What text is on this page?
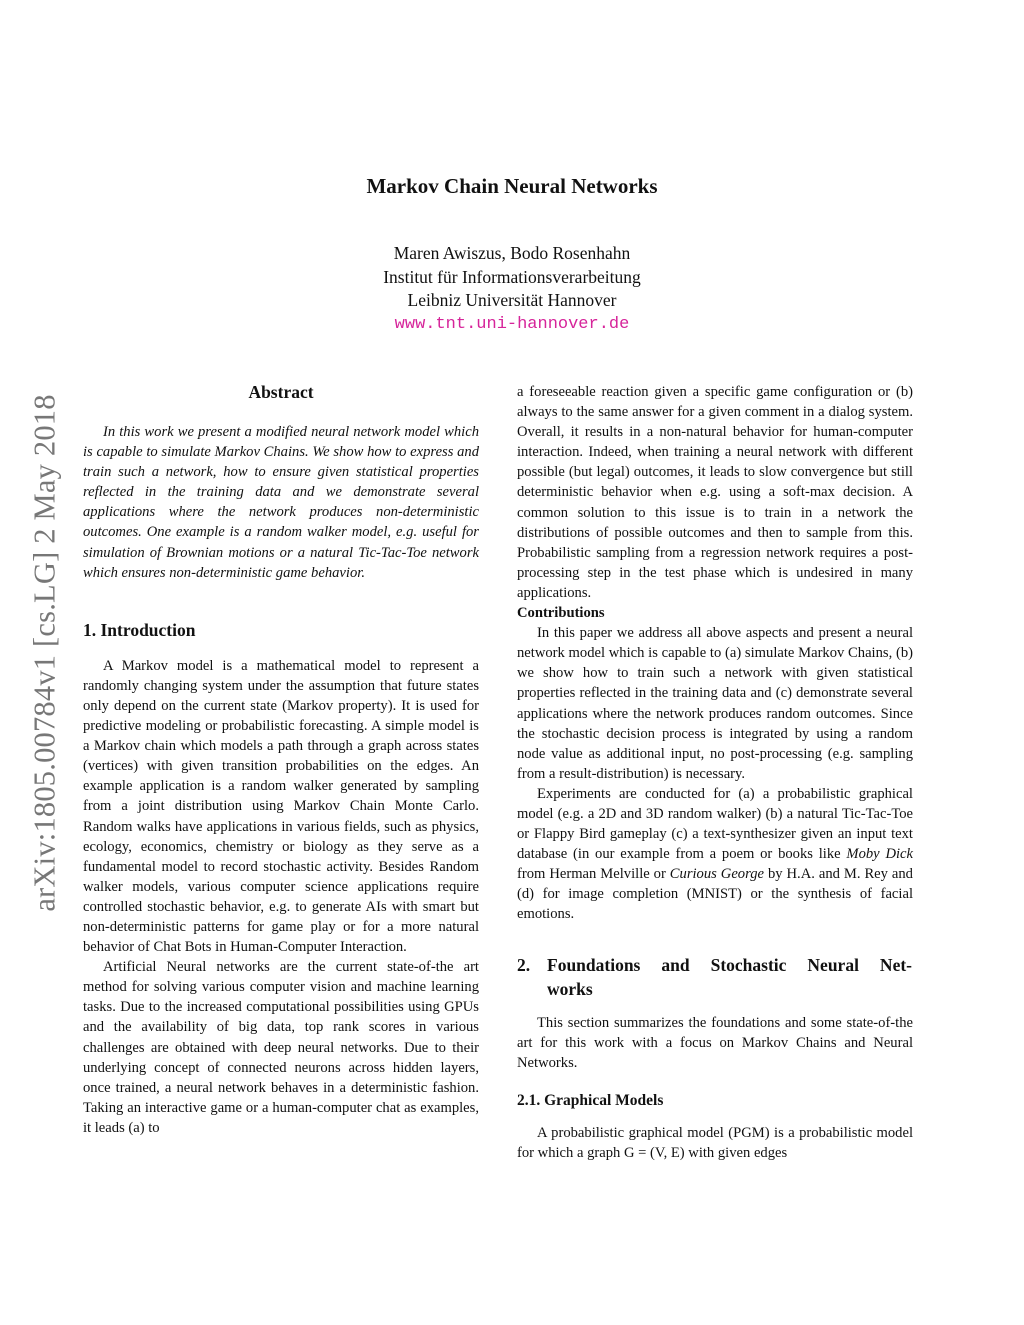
arXiv:1805.00784v1 [cs.LG] 2 May 2018
Markov Chain Neural Networks
Maren Awiszus, Bodo Rosenhahn
Institut für Informationsverarbeitung
Leibniz Universität Hannover
www.tnt.uni-hannover.de
Abstract

In this work we present a modified neural network model which is capable to simulate Markov Chains. We show how to express and train such a network, how to ensure given statistical properties reflected in the training data and we demonstrate several applications where the network produces non-deterministic outcomes. One example is a random walker model, e.g. useful for simulation of Brownian motions or a natural Tic-Tac-Toe network which ensures non-deterministic game behavior.

1. Introduction

A Markov model is a mathematical model to represent a randomly changing system under the assumption that future states only depend on the current state (Markov property). It is used for predictive modeling or probabilistic forecasting. A simple model is a Markov chain which models a path through a graph across states (vertices) with given transition probabilities on the edges. An example application is a random walker generated by sampling from a joint distribution using Markov Chain Monte Carlo. Random walks have applications in various fields, such as physics, ecology, economics, chemistry or biology as they serve as a fundamental model to record stochastic activity. Besides Random walker models, various computer science applications require controlled stochastic behavior, e.g. to generate AIs with smart but non-deterministic patterns for game play or for a more natural behavior of Chat Bots in Human-Computer Interaction.

Artificial Neural networks are the current state-of-the art method for solving various computer vision and machine learning tasks. Due to the increased computational possibilities using GPUs and the availability of big data, top rank scores in various challenges are obtained with deep neural networks. Due to their underlying concept of connected neurons across hidden layers, once trained, a neural network behaves in a deterministic fashion. Taking an interactive game or a human-computer chat as examples, it leads (a) to

a foreseeable reaction given a specific game configuration or (b) always to the same answer for a given comment in a dialog system. Overall, it results in a non-natural behavior for human-computer interaction. Indeed, when training a neural network with different possible (but legal) outcomes, it leads to slow convergence but still deterministic behavior when e.g. using a soft-max decision. A common solution to this issue is to train in a network the distributions of possible outcomes and then to sample from this. Probabilistic sampling from a regression network requires a post-processing step in the test phase which is undesired in many applications.

Contributions

In this paper we address all above aspects and present a neural network model which is capable to (a) simulate Markov Chains, (b) we show how to train such a network with given statistical properties reflected in the training data and (c) demonstrate several applications where the network produces random outcomes. Since the stochastic decision process is integrated by using a random node value as additional input, no post-processing (e.g. sampling from a result-distribution) is necessary.

Experiments are conducted for (a) a probabilistic graphical model (e.g. a 2D and 3D random walker) (b) a natural Tic-Tac-Toe or Flappy Bird gameplay (c) a text-synthesizer given an input text database (in our example from a poem or books like Moby Dick from Herman Melville or Curious George by H.A. and M. Rey and (d) for image completion (MNIST) or the synthesis of facial emotions.

2. Foundations and Stochastic Neural Net-
works

This section summarizes the foundations and some state-of-the art for this work with a focus on Markov Chains and Neural Networks.

2.1. Graphical Models

A probabilistic graphical model (PGM) is a probabilistic model for which a graph G = (V, E) with given edges
